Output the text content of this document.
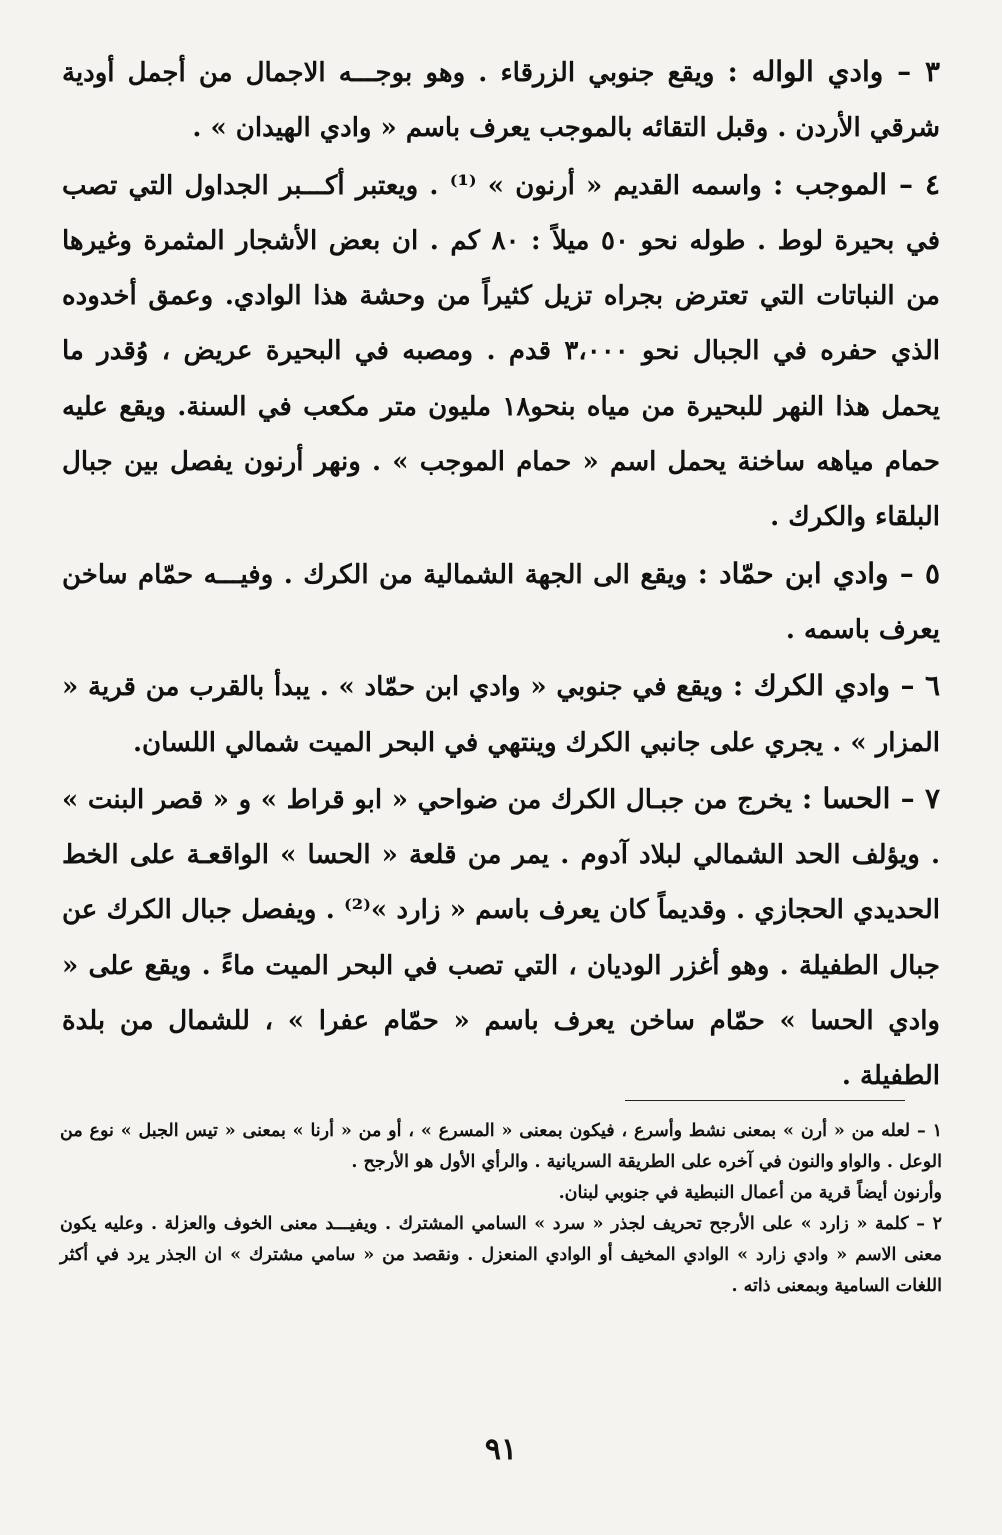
٣ – وادي الواله : ويقع جنوبي الزرقاء . وهو بوجـــه الاجمال من أجمل أودية شرقي الأردن . وقبل التقائه بالموجب يعرف باسم « وادي الهيدان » .

٤ – الموجب : واسمه القديم « أرنون » ⁽¹⁾ . ويعتبر أكـــبر الجداول التي تصب في بحيرة لوط . طوله نحو ٥٠ ميلاً : ٨٠ كم . ان بعض الأشجار المثمرة وغيرها من النباتات التي تعترض بجراه تزيل كثيراً من وحشة هذا الوادي. وعمق أخدوده الذي حفره في الجبال نحو ٣،٠٠٠ قدم . ومصبه في البحيرة عريض ، وُقدر ما يحمل هذا النهر للبحيرة من مياه بنحو١٨ مليون متر مكعب في السنة. ويقع عليه حمام مياهه ساخنة يحمل اسم « حمام الموجب » . ونهر أرنون يفصل بين جبال البلقاء والكرك .

٥ – وادي ابن حمّاد : ويقع الى الجهة الشمالية من الكرك . وفيـــه حمّام ساخن يعرف باسمه .

٦ – وادي الكرك : ويقع في جنوبي « وادي ابن حمّاد » . يبدأ بالقرب من قرية « المزار » . يجري على جانبي الكرك وينتهي في البحر الميت شمالي اللسان.

٧ – الحسا : يخرج من جبـال الكرك من ضواحي « ابو قراط » و « قصر البنت » . ويؤلف الحد الشمالي لبلاد آدوم . يمر من قلعة « الحسا » الواقعـة على الخط الحديدي الحجازي . وقديماً كان يعرف باسم « زارد »⁽²⁾ . ويفصل جبال الكرك عن جبال الطفيلة . وهو أغزر الوديان ، التي تصب في البحر الميت ماءً . ويقع على « وادي الحسا » حمّام ساخن يعرف باسم « حمّام عفرا » ، للشمال من بلدة الطفيلة .

١ – لعله من « أرن » بمعنى نشط وأسرع ، فيكون بمعنى « المسرع » ، أو من « أرنا » بمعنى « تيس الجبل » نوع من الوعل . والواو والنون في آخره على الطريقة السريانية . والرأي الأول هو الأرجح .

وأرنون أيضاً قرية من أعمال النبطية في جنوبي لبنان.

٢ – كلمة « زارد » على الأرجح تحريف لجذر « سرد » السامي المشترك . ويفيـــد معنى الخوف والعزلة . وعليه يكون معنى الاسم « وادي زارد » الوادي المخيف أو الوادي المنعزل . ونقصد من « سامي مشترك » ان الجذر يرد في أكثر اللغات السامية وبمعنى ذاته .

٩١
